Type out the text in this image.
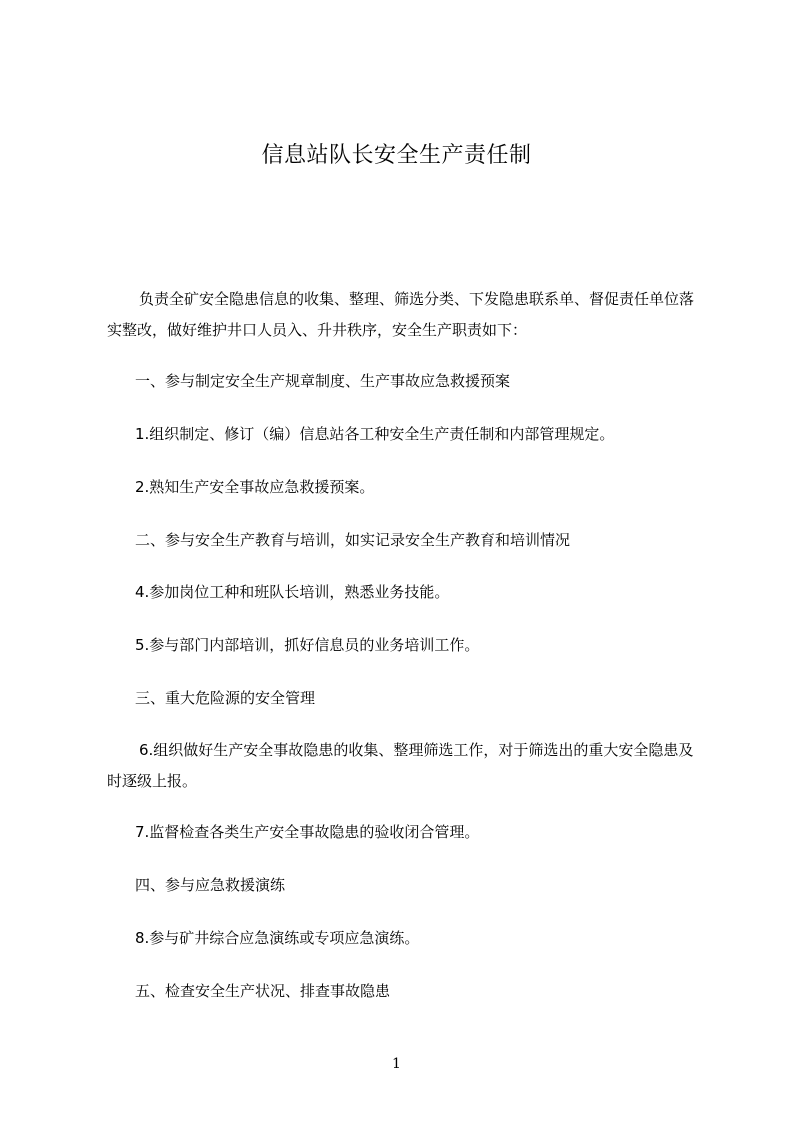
信息站队长安全生产责任制

负责全矿安全隐患信息的收集、整理、筛选分类、下发隐患联系单、督促责任单位落实整改，做好维护井口人员入、升井秩序，安全生产职责如下：

一、参与制定安全生产规章制度、生产事故应急救援预案

1.组织制定、修订（编）信息站各工种安全生产责任制和内部管理规定。

2.熟知生产安全事故应急救援预案。

二、参与安全生产教育与培训，如实记录安全生产教育和培训情况

4.参加岗位工种和班队长培训，熟悉业务技能。

5.参与部门内部培训，抓好信息员的业务培训工作。

三、重大危险源的安全管理

6.组织做好生产安全事故隐患的收集、整理筛选工作，对于筛选出的重大安全隐患及时逐级上报。

7.监督检查各类生产安全事故隐患的验收闭合管理。

四、参与应急救援演练

8.参与矿井综合应急演练或专项应急演练。

五、检查安全生产状况、排查事故隐患

1
